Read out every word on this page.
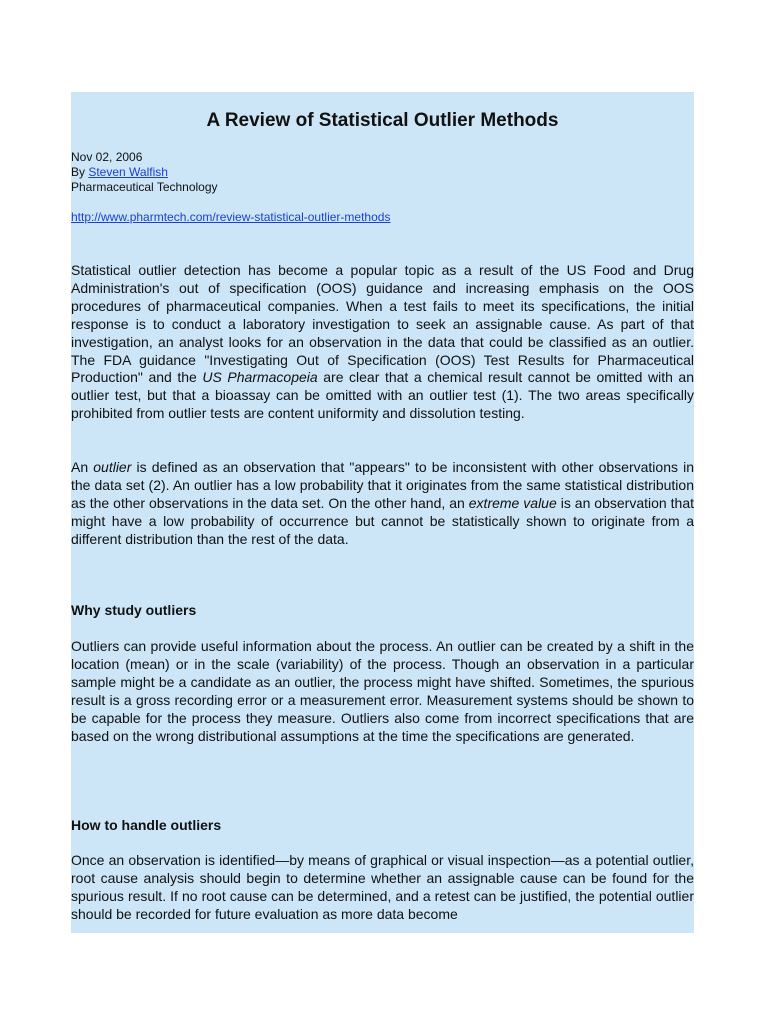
A Review of Statistical Outlier Methods
Nov 02, 2006
By Steven Walfish
Pharmaceutical Technology
http://www.pharmtech.com/review-statistical-outlier-methods

Statistical outlier detection has become a popular topic as a result of the US Food and Drug Administration's out of specification (OOS) guidance and increasing emphasis on the OOS procedures of pharmaceutical companies. When a test fails to meet its specifications, the initial response is to conduct a laboratory investigation to seek an assignable cause. As part of that investigation, an analyst looks for an observation in the data that could be classified as an outlier. The FDA guidance "Investigating Out of Specification (OOS) Test Results for Pharmaceutical Production" and the US Pharmacopeia are clear that a chemical result cannot be omitted with an outlier test, but that a bioassay can be omitted with an outlier test (1). The two areas specifically prohibited from outlier tests are content uniformity and dissolution testing.

An outlier is defined as an observation that "appears" to be inconsistent with other observations in the data set (2). An outlier has a low probability that it originates from the same statistical distribution as the other observations in the data set. On the other hand, an extreme value is an observation that might have a low probability of occurrence but cannot be statistically shown to originate from a different distribution than the rest of the data.

Why study outliers

Outliers can provide useful information about the process. An outlier can be created by a shift in the location (mean) or in the scale (variability) of the process. Though an observation in a particular sample might be a candidate as an outlier, the process might have shifted. Sometimes, the spurious result is a gross recording error or a measurement error. Measurement systems should be shown to be capable for the process they measure. Outliers also come from incorrect specifications that are based on the wrong distributional assumptions at the time the specifications are generated.

How to handle outliers

Once an observation is identified—by means of graphical or visual inspection—as a potential outlier, root cause analysis should begin to determine whether an assignable cause can be found for the spurious result. If no root cause can be determined, and a retest can be justified, the potential outlier should be recorded for future evaluation as more data become
